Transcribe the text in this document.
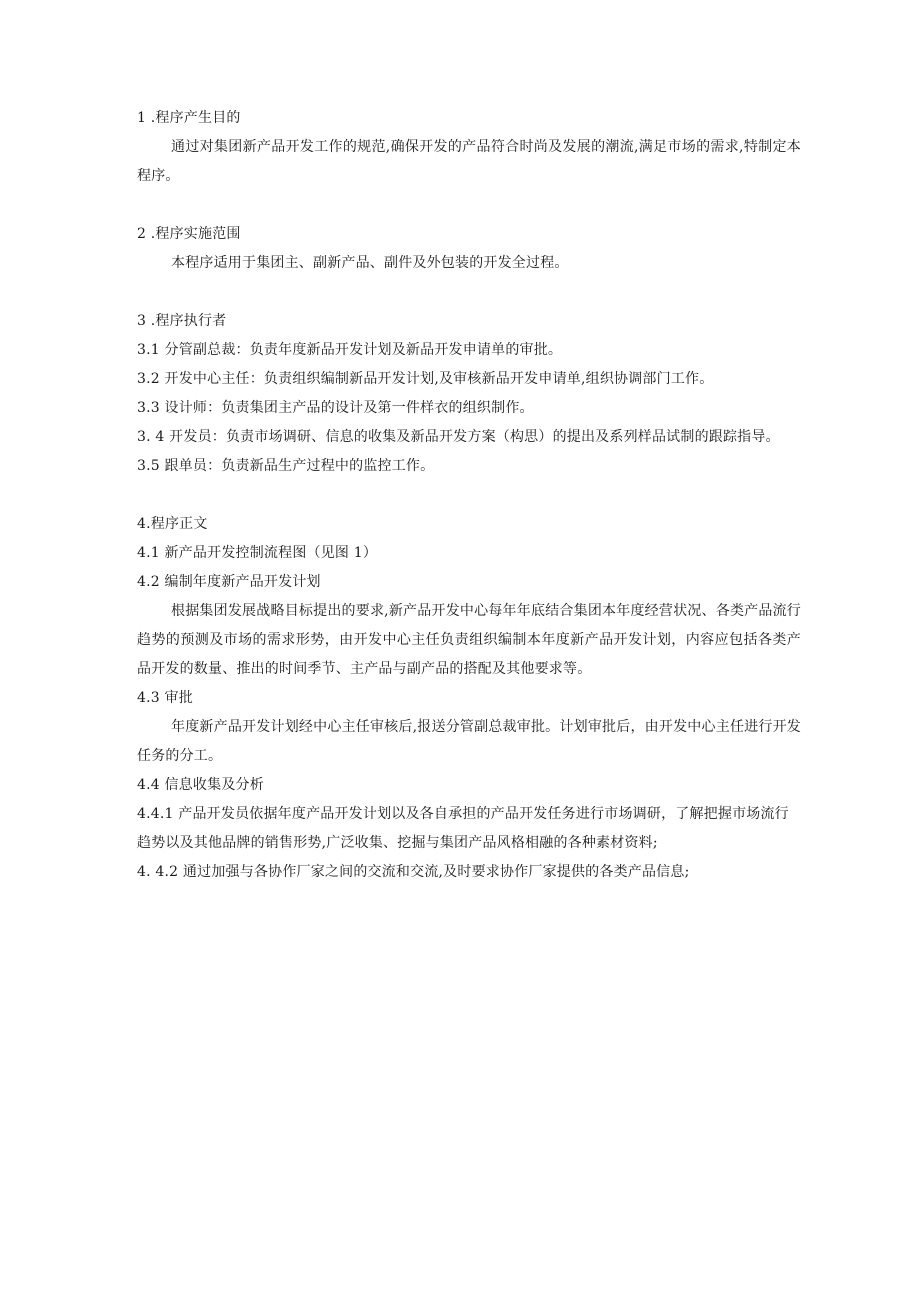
1 .程序产生目的
通过对集团新产品开发工作的规范,确保开发的产品符合时尚及发展的潮流,满足市场的需求,特制定本程序。
2 .程序实施范围
本程序适用于集团主、副新产品、副件及外包装的开发全过程。
3 .程序执行者
3.1 分管副总裁：负责年度新品开发计划及新品开发申请单的审批。
3.2 开发中心主任：负责组织编制新品开发计划,及审核新品开发申请单,组织协调部门工作。
3.3 设计师：负责集团主产品的设计及第一件样衣的组织制作。
3. 4 开发员：负责市场调研、信息的收集及新品开发方案（构思）的提出及系列样品试制的跟踪指导。
3.5 跟单员：负责新品生产过程中的监控工作。
4.程序正文
4.1 新产品开发控制流程图（见图 1）
4.2 编制年度新产品开发计划
根据集团发展战略目标提出的要求,新产品开发中心每年年底结合集团本年度经营状况、各类产品流行趋势的预测及市场的需求形势，由开发中心主任负责组织编制本年度新产品开发计划，内容应包括各类产品开发的数量、推出的时间季节、主产品与副产品的搭配及其他要求等。
4.3 审批
年度新产品开发计划经中心主任审核后,报送分管副总裁审批。计划审批后，由开发中心主任进行开发任务的分工。
4.4 信息收集及分析
4.4.1 产品开发员依据年度产品开发计划以及各自承担的产品开发任务进行市场调研，了解把握市场流行趋势以及其他品牌的销售形势,广泛收集、挖掘与集团产品风格相融的各种素材资料;
4. 4.2 通过加强与各协作厂家之间的交流和交流,及时要求协作厂家提供的各类产品信息;
